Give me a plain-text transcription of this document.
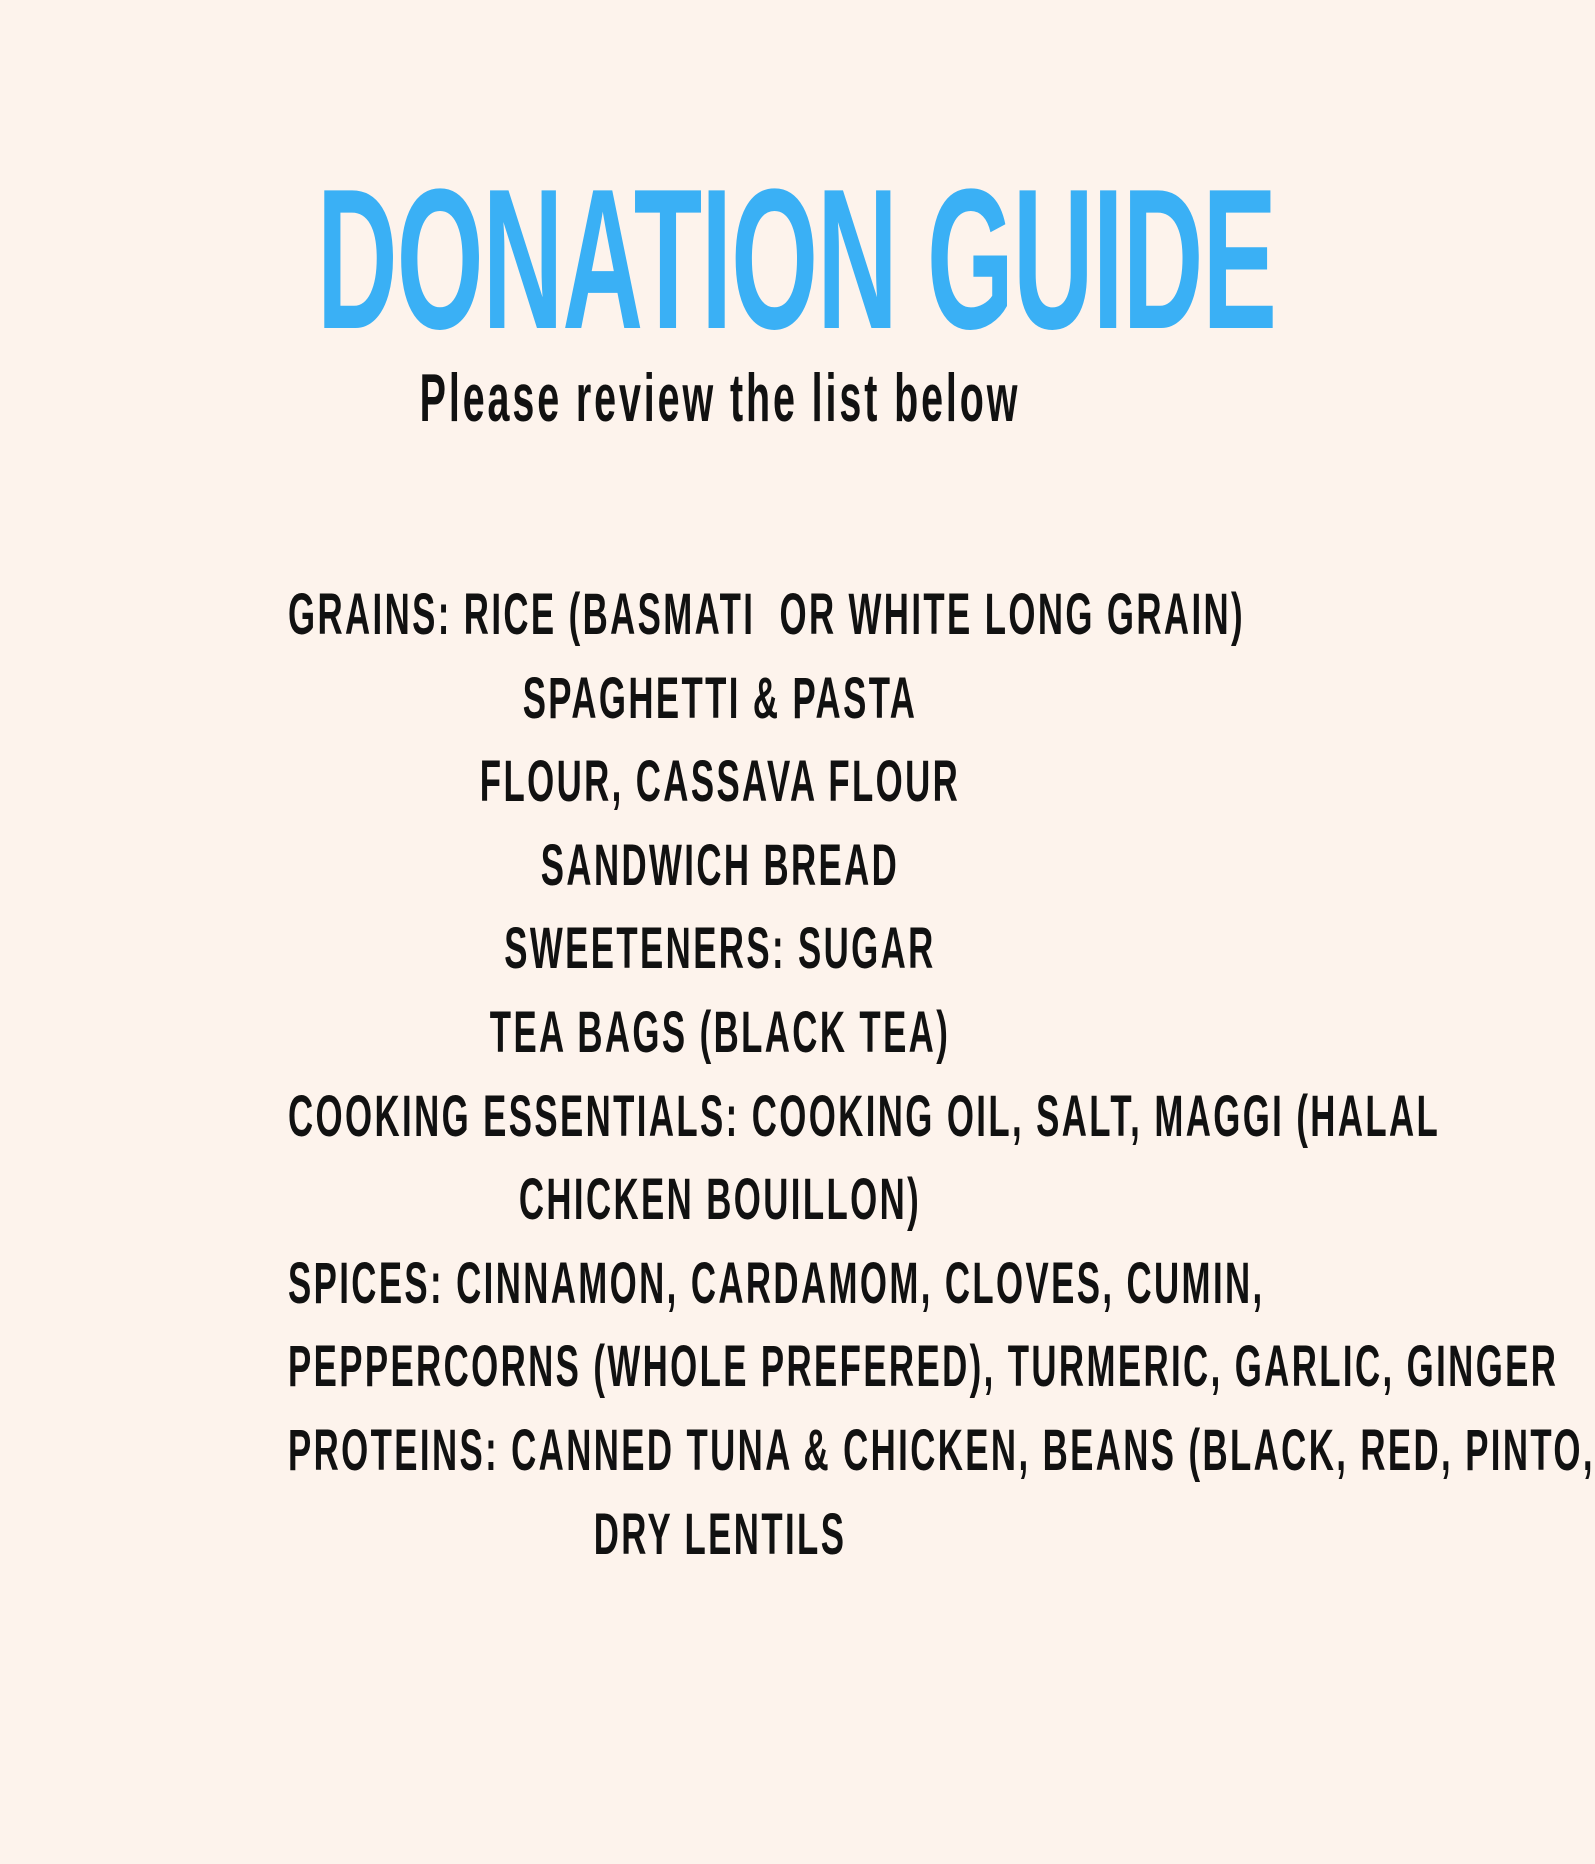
DONATION GUIDE
Please review the list below
GRAINS: RICE (BASMATI  OR WHITE LONG GRAIN)
SPAGHETTI & PASTA
FLOUR, CASSAVA FLOUR
SANDWICH BREAD
SWEETENERS: SUGAR
TEA BAGS (BLACK TEA)
COOKING ESSENTIALS: COOKING OIL, SALT, MAGGI (HALAL
CHICKEN BOUILLON)
SPICES: CINNAMON, CARDAMOM, CLOVES, CUMIN,
PEPPERCORNS (WHOLE PREFERED), TURMERIC, GARLIC, GINGER
PROTEINS: CANNED TUNA & CHICKEN, BEANS (BLACK, RED, PINTO,
DRY LENTILS
